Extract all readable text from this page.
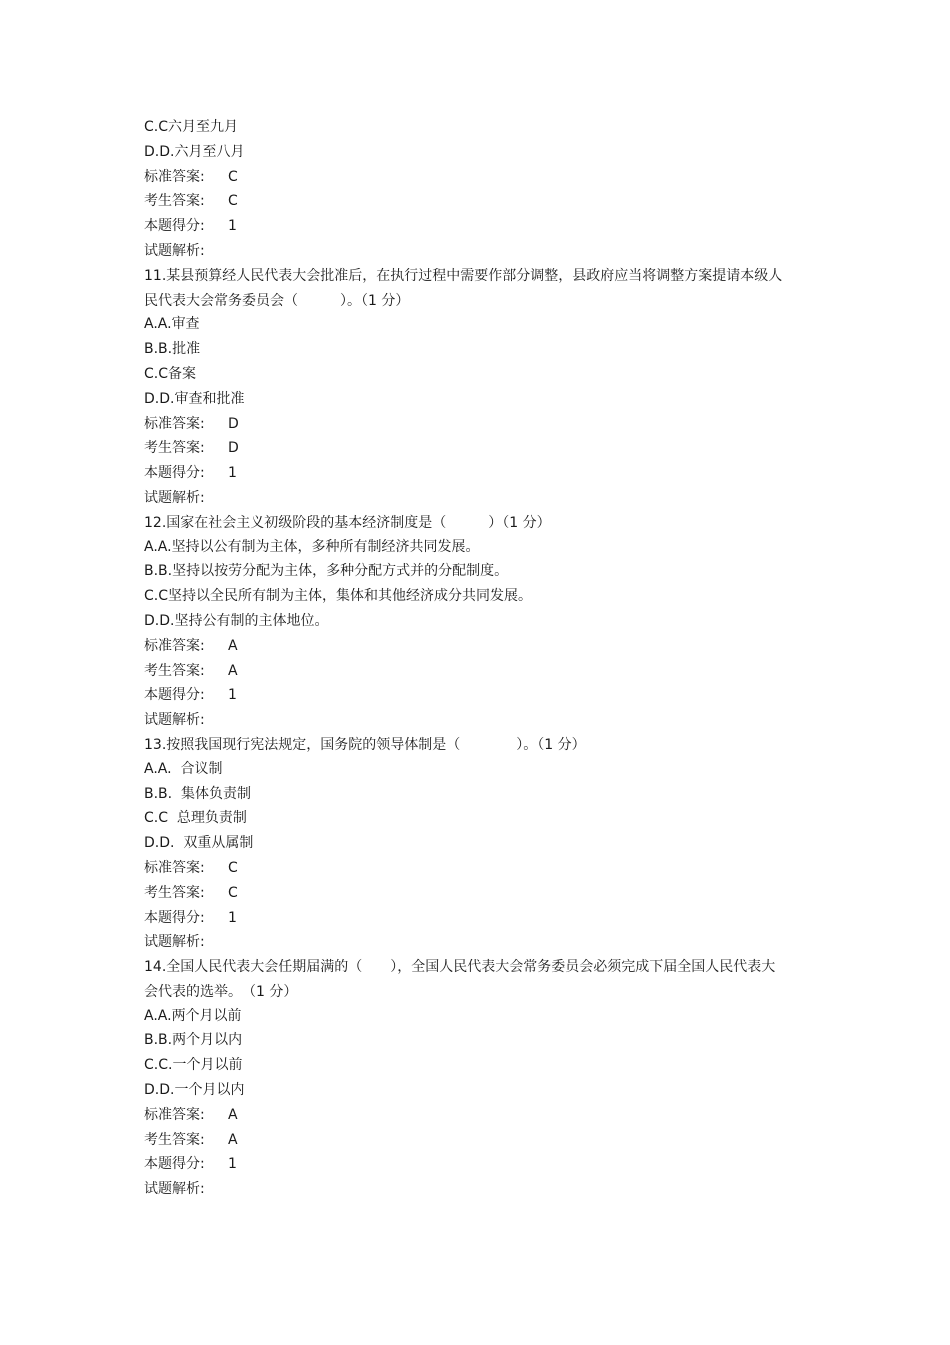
C.C六月至九月
D.D.六月至八月
标准答案: C
考生答案: C
本题得分: 1
试题解析:
11.某县预算经人民代表大会批准后，在执行过程中需要作部分调整，县政府应当将调整方案提请本级人民代表大会常务委员会（　　　）。（1 分）
A.A.审查
B.B.批准
C.C备案
D.D.审查和批准
标准答案: D
考生答案: D
本题得分: 1
试题解析:
12.国家在社会主义初级阶段的基本经济制度是（　　　）（1 分）
A.A.坚持以公有制为主体，多种所有制经济共同发展。
B.B.坚持以按劳分配为主体，多种分配方式并的分配制度。
C.C坚持以全民所有制为主体，集体和其他经济成分共同发展。
D.D.坚持公有制的主体地位。
标准答案: A
考生答案: A
本题得分: 1
试题解析:
13.按照我国现行宪法规定，国务院的领导体制是（　　　　）。（1 分）
A.A.  合议制
B.B.  集体负责制
C.C  总理负责制
D.D.  双重从属制
标准答案: C
考生答案: C
本题得分: 1
试题解析:
14.全国人民代表大会任期届满的（　　），全国人民代表大会常务委员会必须完成下届全国人民代表大会代表的选举。　（1 分）
A.A.两个月以前
B.B.两个月以内
C.C.一个月以前
D.D.一个月以内
标准答案: A
考生答案: A
本题得分: 1
试题解析:
